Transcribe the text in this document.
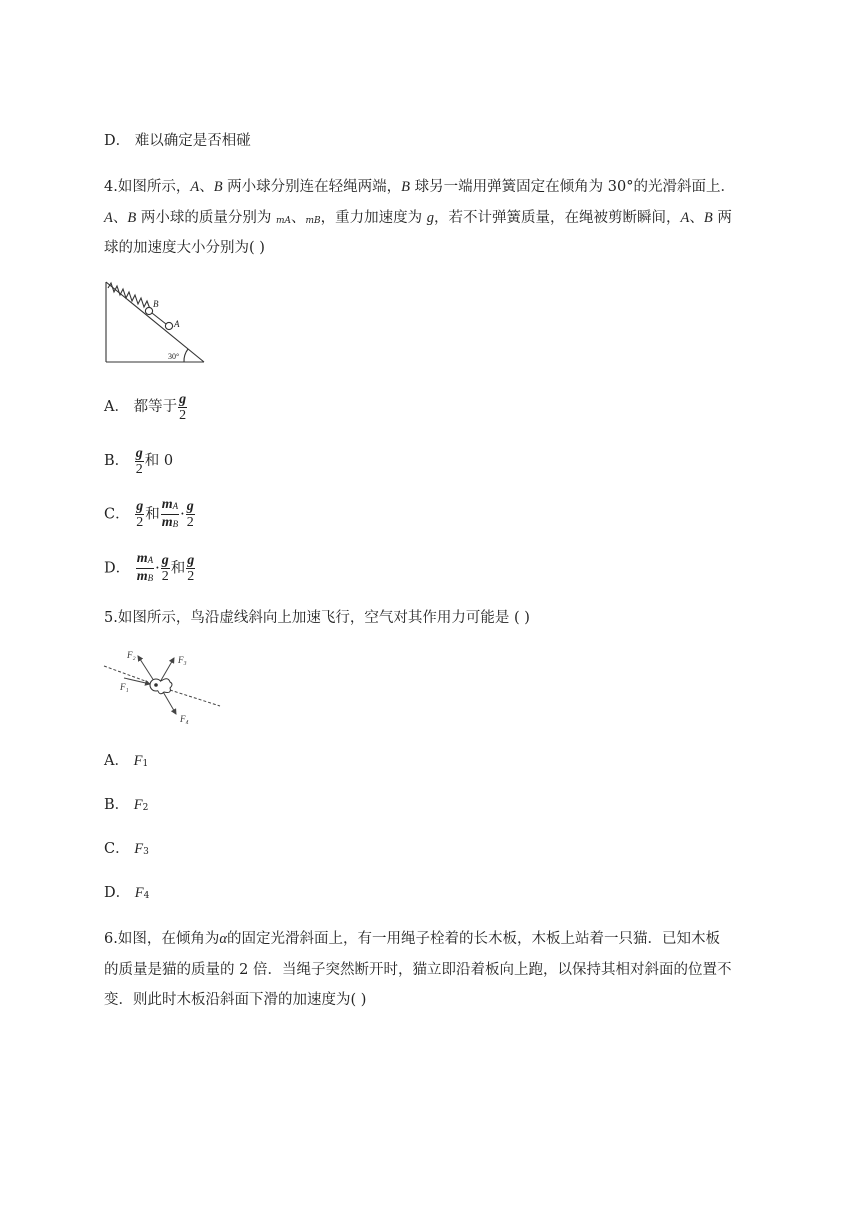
D． 难以确定是否相碰
4.如图所示，A、B 两小球分别连在轻绳两端，B 球另一端用弹簧固定在倾角为 30°的光滑斜面上．
A、B 两小球的质量分别为 mA、mB，重力加速度为 g，若不计弹簧质量，在绳被剪断瞬间，A、B 两
球的加速度大小分别为( )
B
A
30°
A． 都等于 $\frac{g}{2}$
B． $\frac{g}{2}$ 和 0
C． $\frac{g}{2}$ 和 $\frac{mA}{mB} \cdot \frac{g}{2}$
D． $\frac{mA}{mB} \cdot \frac{g}{2}$ 和 $\frac{g}{2}$
5.如图所示，鸟沿虚线斜向上加速飞行，空气对其作用力可能是 ( )
F₂	F₃
F₁
F₄
A． F1
B． F2
C． F3
D． F4
6.如图，在倾角为α的固定光滑斜面上，有一用绳子栓着的长木板，木板上站着一只猫．已知木板
的质量是猫的质量的 2 倍．当绳子突然断开时，猫立即沿着板向上跑，以保持其相对斜面的位置不
变．则此时木板沿斜面下滑的加速度为( )
